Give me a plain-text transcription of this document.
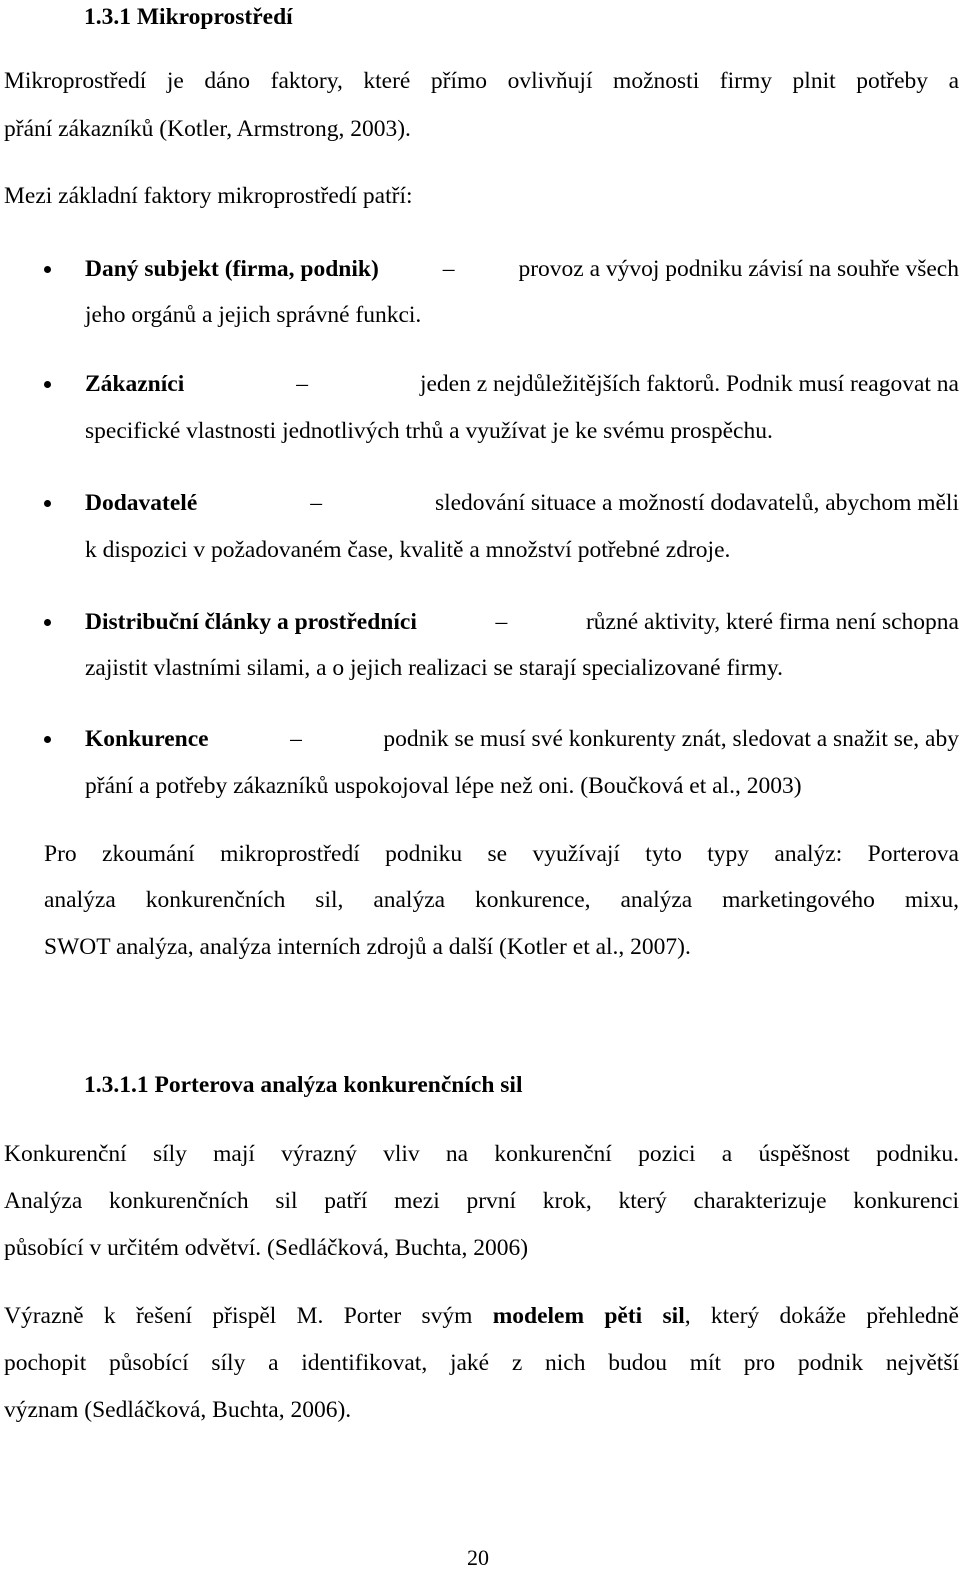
1.3.1 Mikroprostředí
Mikroprostředí je dáno faktory, které přímo ovlivňují možnosti firmy plnit potřeby a
přání zákazníků (Kotler, Armstrong, 2003).
Mezi základní faktory mikroprostředí patří:
Daný subjekt (firma, podnik)	–	provoz a vývoj podniku závisí na souhře všech
jeho orgánů a jejich správné funkci.
Zákazníci	–	jeden z nejdůležitějších faktorů. Podnik musí reagovat na
specifické vlastnosti jednotlivých trhů a využívat je ke svému prospěchu.
Dodavatelé	–	sledování situace a možností dodavatelů, abychom měli
k dispozici v požadovaném čase, kvalitě a množství potřebné zdroje.
Distribuční články a prostředníci	–	různé aktivity, které firma není schopna
zajistit vlastními silami, a o jejich realizaci se starají specializované firmy.
Konkurence	–	podnik se musí své konkurenty znát, sledovat a snažit se, aby
přání a potřeby zákazníků uspokojoval lépe než oni. (Boučková et al., 2003)
Pro zkoumání mikroprostředí podniku se využívají tyto typy analýz: Porterova
analýza konkurenčních sil, analýza konkurence, analýza marketingového mixu,
SWOT analýza, analýza interních zdrojů a další (Kotler et al., 2007).
1.3.1.1 Porterova analýza konkurenčních sil
Konkurenční síly mají výrazný vliv na konkurenční pozici a úspěšnost podniku.
Analýza konkurenčních sil patří mezi první krok, který charakterizuje konkurenci
působící v určitém odvětví. (Sedláčková, Buchta, 2006)
Výrazně k řešení přispěl M. Porter svým modelem pěti sil, který dokáže přehledně
pochopit působící síly a identifikovat, jaké z nich budou mít pro podnik největší
význam (Sedláčková, Buchta, 2006).
20
